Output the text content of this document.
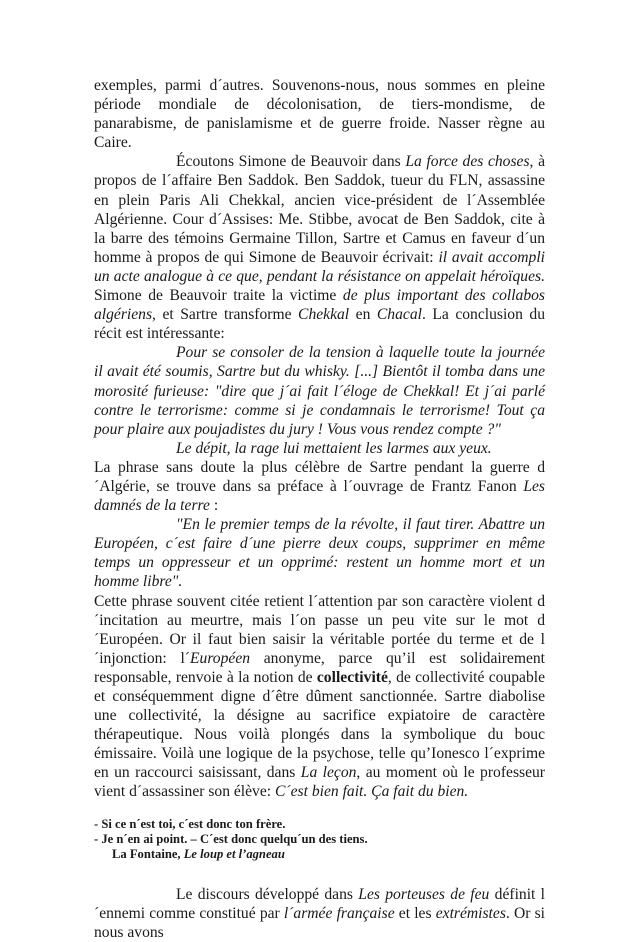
exemples, parmi d´autres. Souvenons-nous, nous sommes en pleine période mondiale de décolonisation, de tiers-mondisme, de panarabisme, de panislamisme et de guerre froide. Nasser règne au Caire.

Écoutons Simone de Beauvoir dans La force des choses, à propos de l´affaire Ben Saddok. Ben Saddok, tueur du FLN, assassine en plein Paris Ali Chekkal, ancien vice-président de l´Assemblée Algérienne. Cour d´Assises: Me. Stibbe, avocat de Ben Saddok, cite à la barre des témoins Germaine Tillon, Sartre et Camus en faveur d´un homme à propos de qui Simone de Beauvoir écrivait: il avait accompli un acte analogue à ce que, pendant la résistance on appelait héroïques. Simone de Beauvoir traite la victime de plus important des collabos algériens, et Sartre transforme Chekkal en Chacal. La conclusion du récit est intéressante:

Pour se consoler de la tension à laquelle toute la journée il avait été soumis, Sartre but du whisky. [...] Bientôt il tomba dans une morosité furieuse: "dire que j´ai fait l´éloge de Chekkal! Et j´ai parlé contre le terrorisme: comme si je condamnais le terrorisme! Tout ça pour plaire aux poujadistes du jury ! Vous vous rendez compte ?"

Le dépit, la rage lui mettaient les larmes aux yeux.

La phrase sans doute la plus célèbre de Sartre pendant la guerre d´Algérie, se trouve dans sa préface à l´ouvrage de Frantz Fanon Les damnés de la terre :

"En le premier temps de la révolte, il faut tirer. Abattre un Européen, c´est faire d´une pierre deux coups, supprimer en même temps un oppresseur et un opprimé: restent un homme mort et un homme libre".

Cette phrase souvent citée retient l´attention par son caractère violent d ´incitation au meurtre, mais l´on passe un peu vite sur le mot d´Européen. Or il faut bien saisir la véritable portée du terme et de l´injonction: l´Européen anonyme, parce qu’il est solidairement responsable, renvoie à la notion de collectivité, de collectivité coupable et conséquemment digne d´être dûment sanctionnée. Sartre diabolise une collectivité, la désigne au sacrifice expiatoire de caractère thérapeutique. Nous voilà plongés dans la symbolique du bouc émissaire. Voilà une logique de la psychose, telle qu’Ionesco l´exprime en un raccourci saisissant, dans La leçon, au moment où le professeur vient d´assassiner son élève: C´est bien fait. Ça fait du bien.

- Si ce n´est toi, c´est donc ton frère.
- Je n´en ai point. – C´est donc quelqu´un des tiens.
La Fontaine, Le loup et l’agneau

Le discours développé dans Les porteuses de feu définit l´ennemi comme constitué par l´armée française et les extrémistes. Or si nous avons
